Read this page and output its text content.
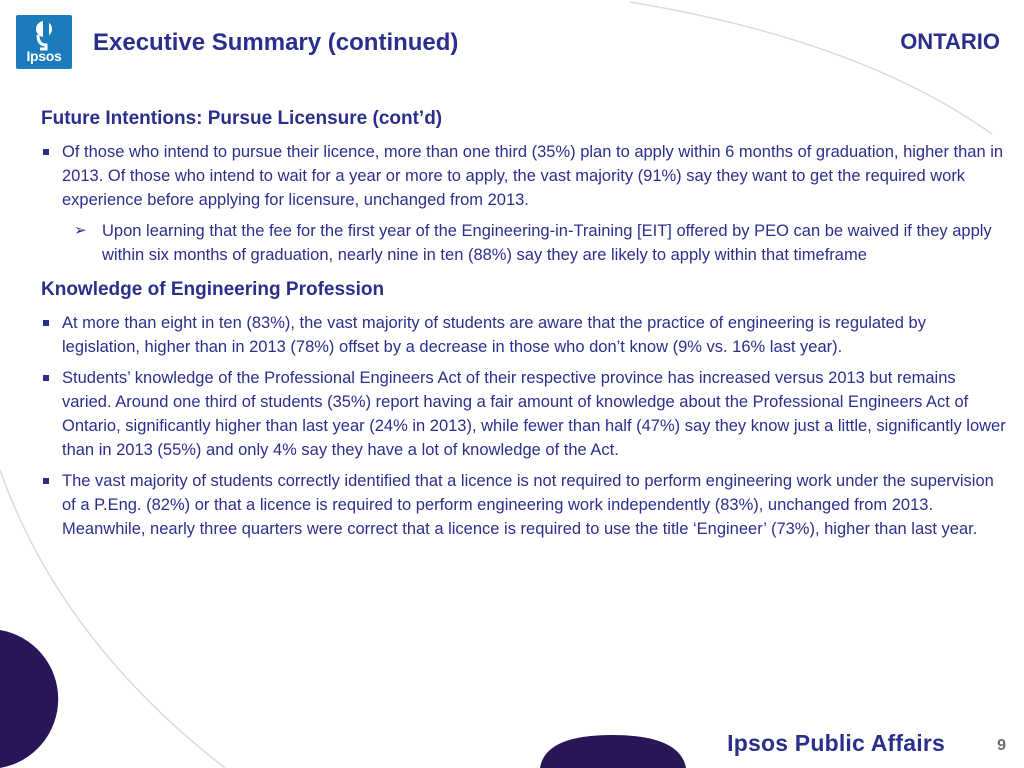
Ipsos	Executive Summary (continued)	ONTARIO
Future Intentions: Pursue Licensure (cont’d)
Of those who intend to pursue their licence, more than one third (35%) plan to apply within 6 months of graduation, higher than in 2013. Of those who intend to wait for a year or more to apply, the vast majority (91%) say they want to get the required work experience before applying for licensure, unchanged from 2013.
➢ Upon learning that the fee for the first year of the Engineering-in-Training [EIT] offered by PEO can be waived if they apply within six months of graduation, nearly nine in ten (88%) say they are likely to apply within that timeframe
Knowledge of Engineering Profession
At more than eight in ten (83%), the vast majority of students are aware that the practice of engineering is regulated by legislation, higher than in 2013 (78%) offset by a decrease in those who don’t know (9% vs. 16% last year).
Students’ knowledge of the Professional Engineers Act of their respective province has increased versus 2013 but remains varied. Around one third of students (35%) report having a fair amount of knowledge about the Professional Engineers Act of Ontario, significantly higher than last year (24% in 2013), while fewer than half (47%) say they know just a little, significantly lower than in 2013 (55%) and only 4% say they have a lot of knowledge of the Act.
The vast majority of students correctly identified that a licence is not required to perform engineering work under the supervision of a P.Eng. (82%) or that a licence is required to perform engineering work independently (83%), unchanged from 2013. Meanwhile, nearly three quarters were correct that a licence is required to use the title ‘Engineer’ (73%), higher than last year.
Ipsos Public Affairs	9
